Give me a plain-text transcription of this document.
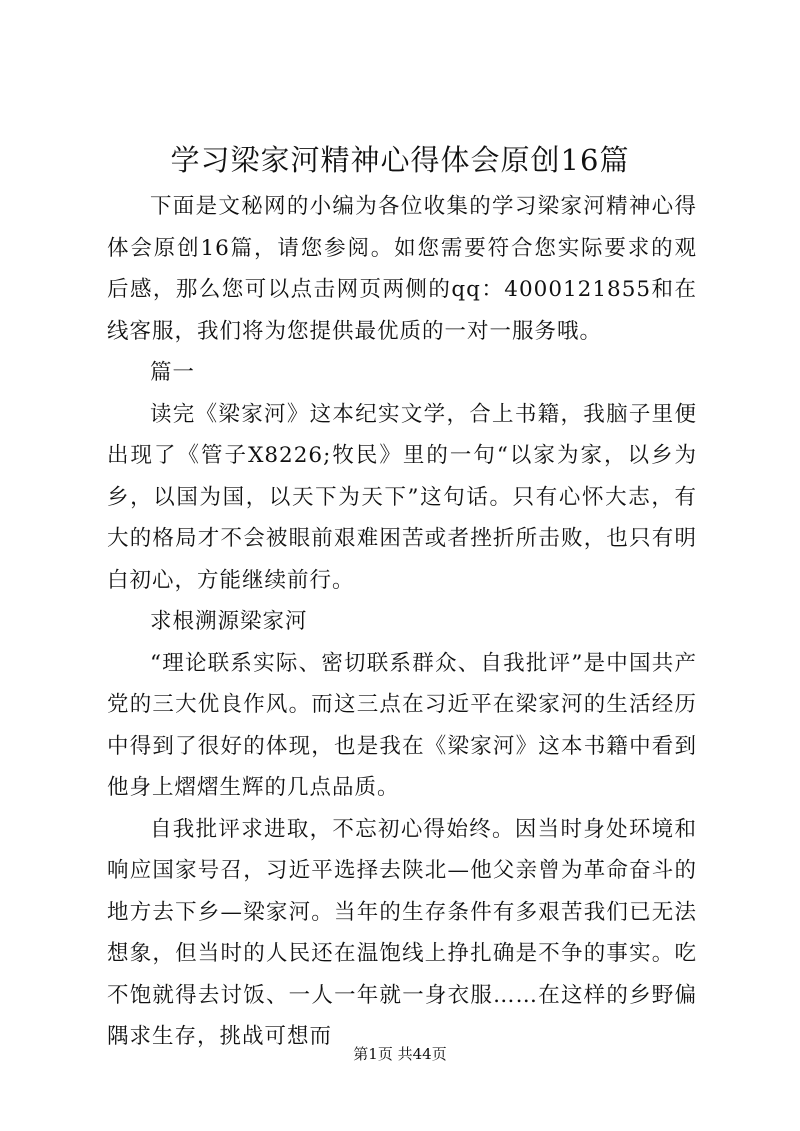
学习梁家河精神心得体会原创16篇

下面是文秘网的小编为各位收集的学习梁家河精神心得体会原创16篇，请您参阅。如您需要符合您实际要求的观后感，那么您可以点击网页两侧的qq：4000121855和在线客服，我们将为您提供最优质的一对一服务哦。

篇一

读完《梁家河》这本纪实文学，合上书籍，我脑子里便出现了《管子X8226;牧民》里的一句“以家为家，以乡为乡，以国为国，以天下为天下”这句话。只有心怀大志，有大的格局才不会被眼前艰难困苦或者挫折所击败，也只有明白初心，方能继续前行。

求根溯源梁家河

“理论联系实际、密切联系群众、自我批评”是中国共产党的三大优良作风。而这三点在习近平在梁家河的生活经历中得到了很好的体现，也是我在《梁家河》这本书籍中看到他身上熠熠生辉的几点品质。

自我批评求进取，不忘初心得始终。因当时身处环境和响应国家号召，习近平选择去陕北—他父亲曾为革命奋斗的地方去下乡—梁家河。当年的生存条件有多艰苦我们已无法想象，但当时的人民还在温饱线上挣扎确是不争的事实。吃不饱就得去讨饭、一人一年就一身衣服……在这样的乡野偏隅求生存，挑战可想而

第1页 共44页
